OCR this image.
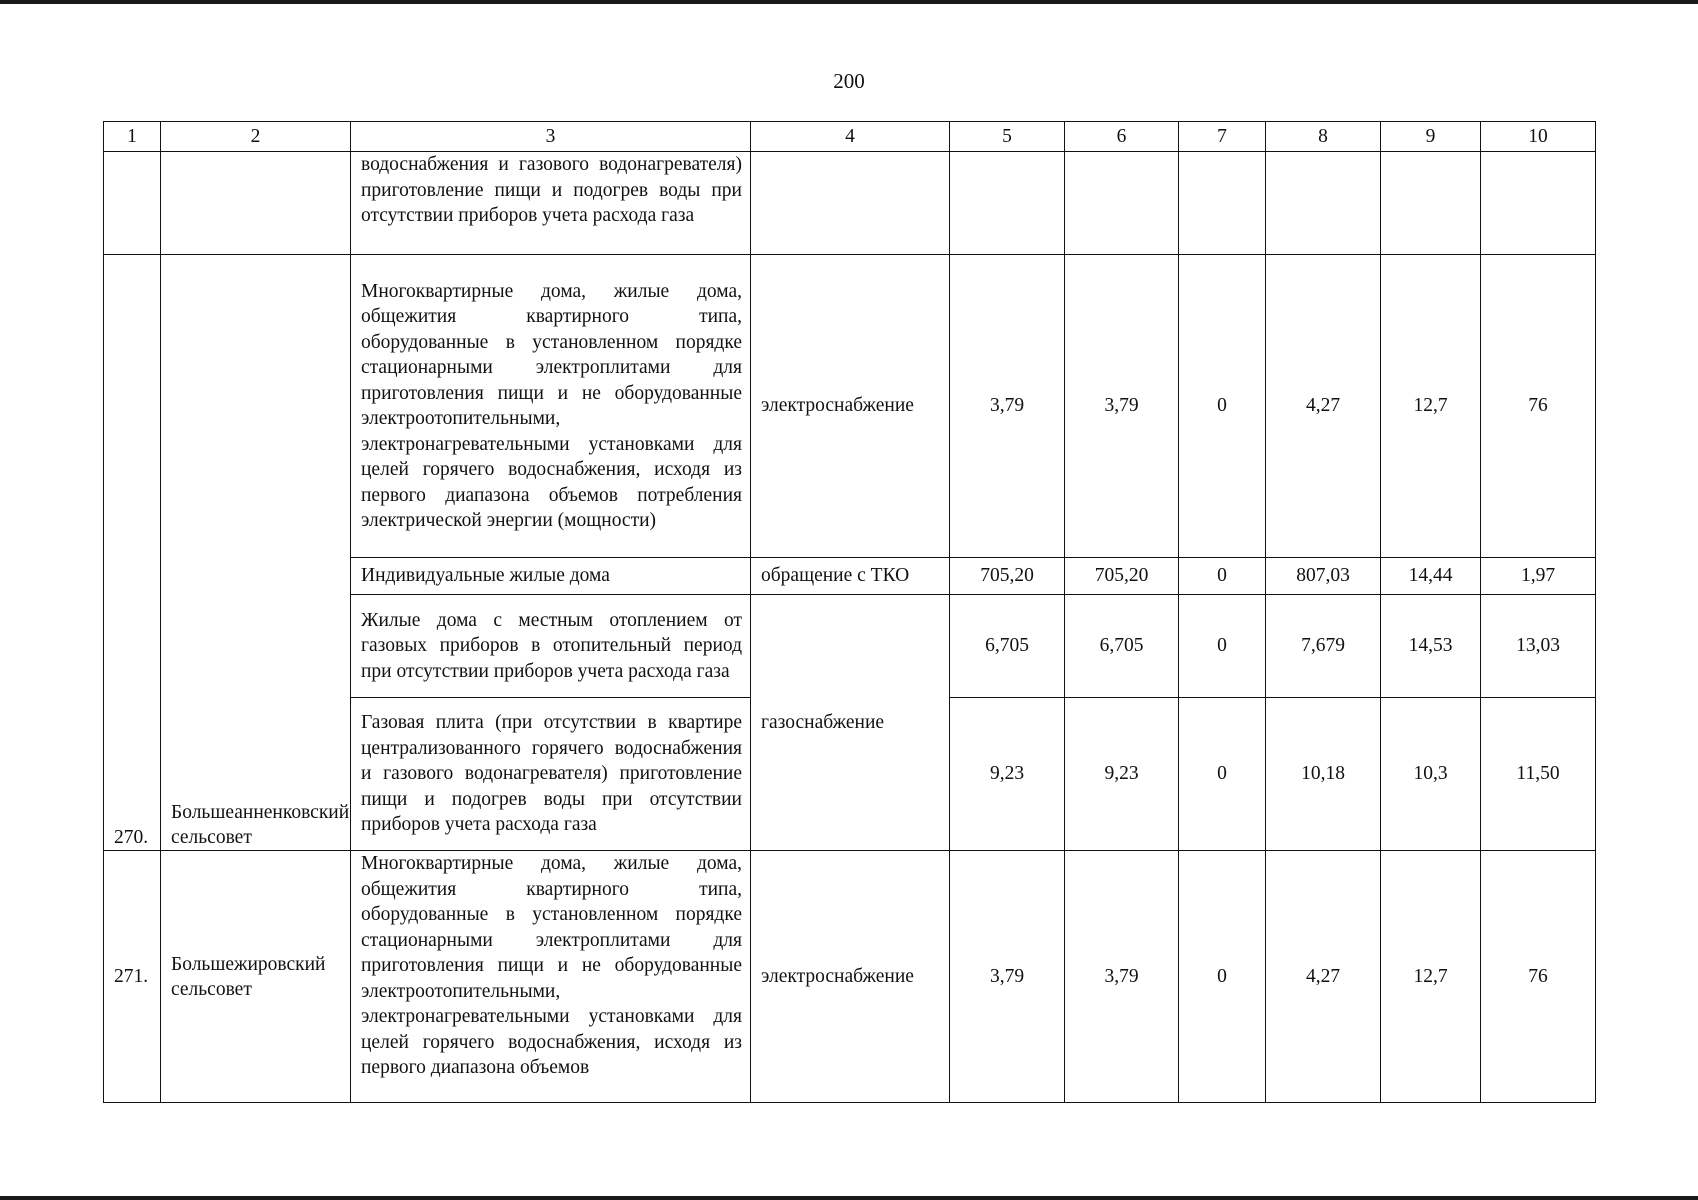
200
1	2	3	4	5	6	7	8	9	10

		водоснабжения и газового водонагревателя) приготовление пищи и подогрев воды при отсутствии приборов учета расхода газа							

270.	Большеанненковский сельсовет	Многоквартирные дома, жилые дома, общежития квартирного типа, оборудованные в установленном порядке стационарными электроплитами для приготовления пищи и не оборудованные электроотопительными, электронагревательными установками для целей горячего водоснабжения, исходя из первого диапазона объемов потребления электрической энергии (мощности)	электроснабжение	3,79	3,79	0	4,27	12,7	76

		Индивидуальные жилые дома	обращение с ТКО	705,20	705,20	0	807,03	14,44	1,97

		Жилые дома с местным отоплением от газовых приборов в отопительный период при отсутствии приборов учета расхода газа	газоснабжение	6,705	6,705	0	7,679	14,53	13,03

		Газовая плита (при отсутствии в квартире централизованного горячего водоснабжения и газового водонагревателя) приготовление пищи и подогрев воды при отсутствии приборов учета расхода газа		9,23	9,23	0	10,18	10,3	11,50
271.	Большежировский сельсовет	Многоквартирные дома, жилые дома, общежития квартирного типа, оборудованные в установленном порядке стационарными электроплитами для приготовления пищи и не оборудованные электроотопительными, электронагревательными установками для целей горячего водоснабжения, исходя из первого диапазона объемов	электроснабжение	3,79	3,79	0	4,27	12,7	76
